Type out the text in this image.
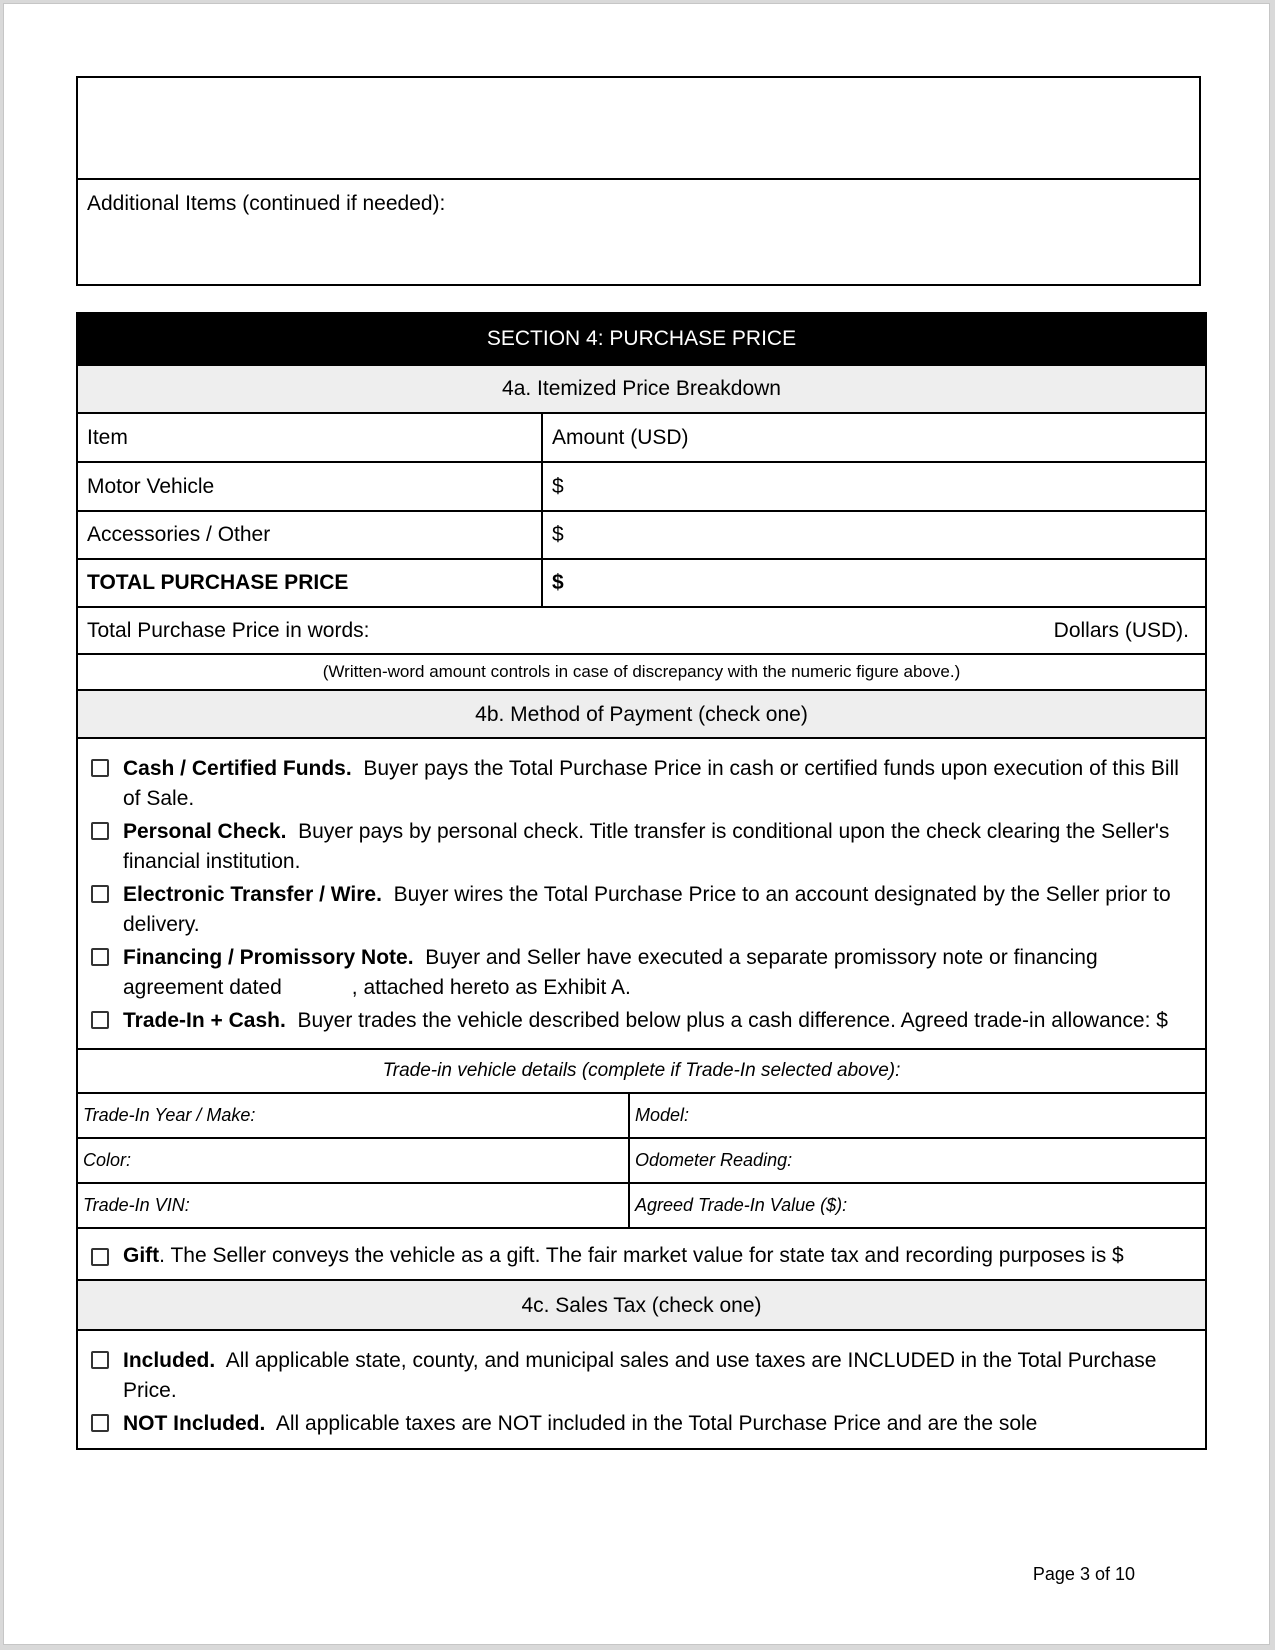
Additional Items (continued if needed):
SECTION 4: PURCHASE PRICE
4a. Itemized Price Breakdown
Item	Amount (USD)
Motor Vehicle	$
Accessories / Other	$
TOTAL PURCHASE PRICE	$
Total Purchase Price in words:	Dollars (USD).
(Written-word amount controls in case of discrepancy with the numeric figure above.)
4b. Method of Payment (check one)
Cash / Certified Funds. Buyer pays the Total Purchase Price in cash or certified funds upon execution of this Bill of Sale.
Personal Check. Buyer pays by personal check. Title transfer is conditional upon the check clearing the Seller's financial institution.
Electronic Transfer / Wire. Buyer wires the Total Purchase Price to an account designated by the Seller prior to delivery.
Financing / Promissory Note. Buyer and Seller have executed a separate promissory note or financing agreement dated            , attached hereto as Exhibit A.
Trade-In + Cash. Buyer trades the vehicle described below plus a cash difference. Agreed trade-in allowance: $
Trade-in vehicle details (complete if Trade-In selected above):
Trade-In Year / Make:	Model:
Color:	Odometer Reading:
Trade-In VIN:	Agreed Trade-In Value ($):
Gift. The Seller conveys the vehicle as a gift. The fair market value for state tax and recording purposes is $
4c. Sales Tax (check one)
Included. All applicable state, county, and municipal sales and use taxes are INCLUDED in the Total Purchase Price.
NOT Included. All applicable taxes are NOT included in the Total Purchase Price and are the sole
Page 3 of 10
